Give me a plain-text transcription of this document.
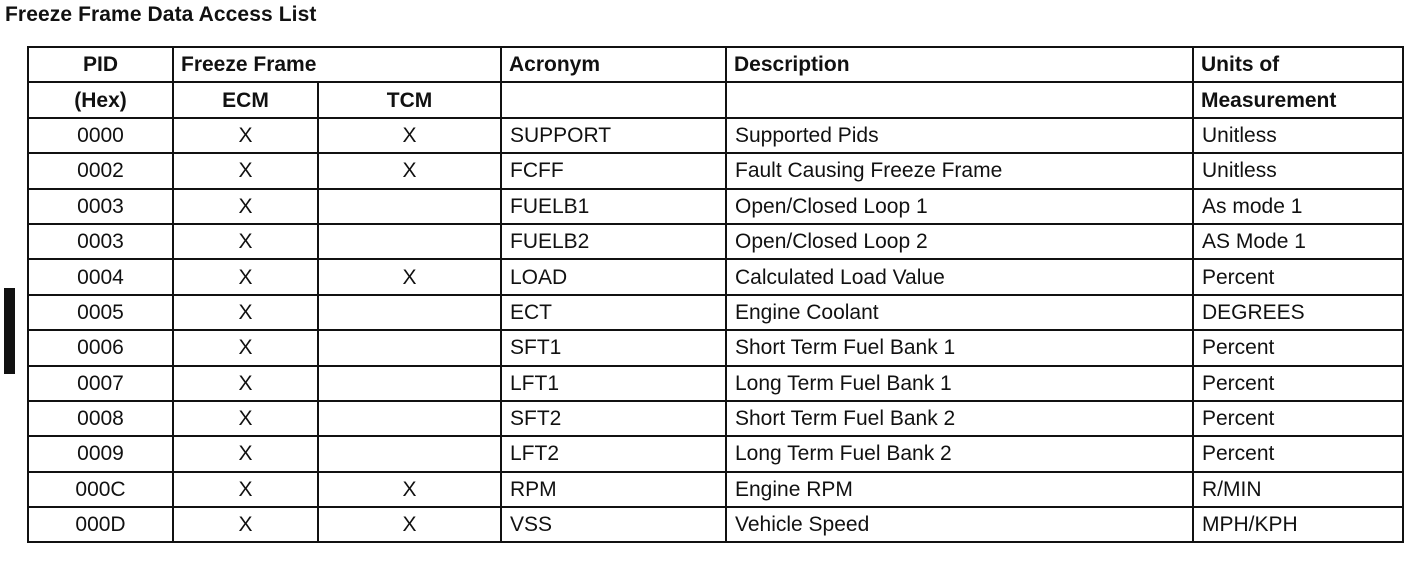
Freeze Frame Data Access List
PID	Freeze Frame		Acronym	Description	Units of
(Hex)	ECM	TCM			Measurement
0000	X	X	SUPPORT	Supported Pids	Unitless
0002	X	X	FCFF	Fault Causing Freeze Frame	Unitless
0003	X		FUELB1	Open/Closed Loop 1	As mode 1
0003	X		FUELB2	Open/Closed Loop 2	AS Mode 1
0004	X	X	LOAD	Calculated Load Value	Percent
0005	X		ECT	Engine Coolant	DEGREES
0006	X		SFT1	Short Term Fuel Bank 1	Percent
0007	X		LFT1	Long Term Fuel Bank 1	Percent
0008	X		SFT2	Short Term Fuel Bank 2	Percent
0009	X		LFT2	Long Term Fuel Bank 2	Percent
000C	X	X	RPM	Engine RPM	R/MIN
000D	X	X	VSS	Vehicle Speed	MPH/KPH
